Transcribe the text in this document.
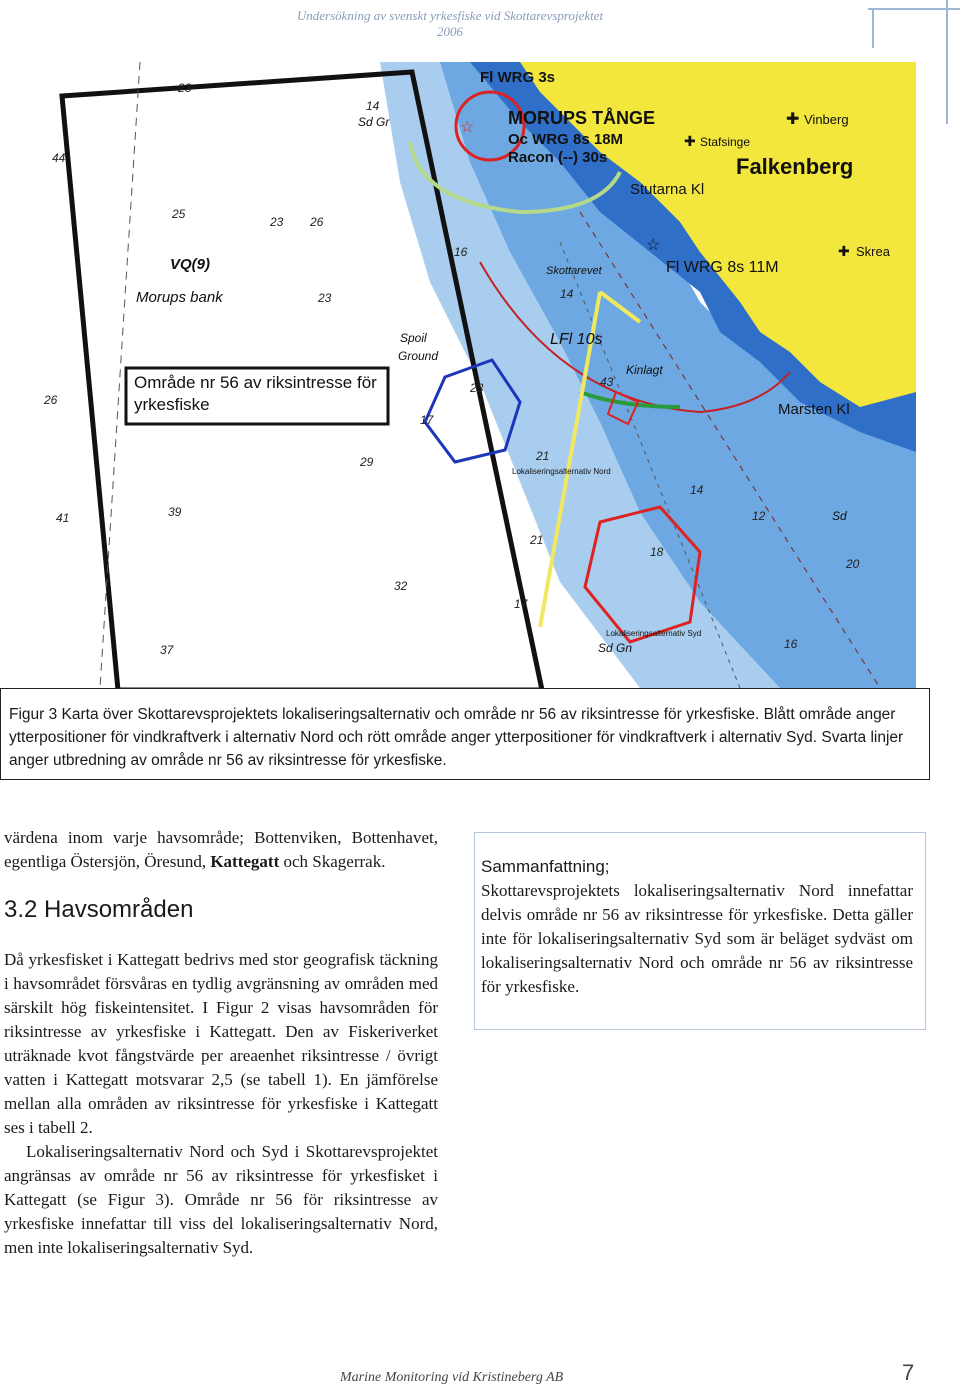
Undersökning av svenskt yrkesfiske vid Skottarevsprojektet
2006
Område nr 56 av riksintresse för yrkesfiske
MORUPS TÅNGE
Oc WRG 8s 18M
Racon (--) 30s
Fl WRG 3s
Falkenberg
Vinberg
Stafsinge
Stutarna Kl
Skrea
Fl WRG 8s 11M
Skottarevet
LFl 10s
Kinlagt
Marsten Kl
VQ(9)
Morups bank
Spoil
Ground
Lokaliseringsalternativ Nord
Lokaliseringsalternativ Syd
Sd Gr
Sd Gn
Sd
23
44
14
25
23 26
23
29
41	39
32
37
17
23
26
21
17
21
18
14
12
16
14
16
20
43
✚
✚
✚
☆
☆
Figur 3 Karta över Skottarevsprojektets lokaliseringsalternativ och område nr 56 av riksintresse för yrkesfiske. Blått område anger ytterpositioner för vindkraftverk i alternativ Nord och rött område anger ytterpositioner för vindkraftverk i alternativ Syd. Svarta linjer anger utbredning av område nr 56 av riksintresse för yrkesfiske.

värdena inom varje havsområde; Bottenviken, Bottenhavet, egentliga Östersjön, Öresund, Kattegatt och Skagerrak.

3.2 Havsområden

Då yrkesfisket i Kattegatt bedrivs med stor geografisk täckning i havsområdet försvåras en tydlig avgränsning av områden med särskilt hög fiskeintensitet. I Figur 2 visas havsområden för riksintresse av yrkesfiske i Kattegatt. Den av Fiskeriverket uträknade kvot fångstvärde per areaenhet riksintresse / övrigt vatten i Kattegatt motsvarar 2,5 (se tabell 1). En jämförelse mellan alla områden av riksintresse för yrkesfiske i Kattegatt ses i tabell 2.

Lokaliseringsalternativ Nord och Syd i Skottarevsprojektet angränsas av område nr 56 av riksintresse för yrkesfisket i Kattegatt (se Figur 3). Område nr 56 för riksintresse av yrkesfiske innefattar till viss del lokaliseringsalternativ Nord, men inte lokaliseringsalternativ Syd.

Sammanfattning;
Skottarevsprojektets lokaliseringsalternativ Nord innefattar delvis område nr 56 av riksintresse för yrkesfiske. Detta gäller inte för lokaliseringsalternativ Syd som är beläget sydväst om lokaliseringsalternativ Nord och område nr 56 av riksintresse för yrkesfiske.
Marine Monitoring vid Kristineberg AB	7
